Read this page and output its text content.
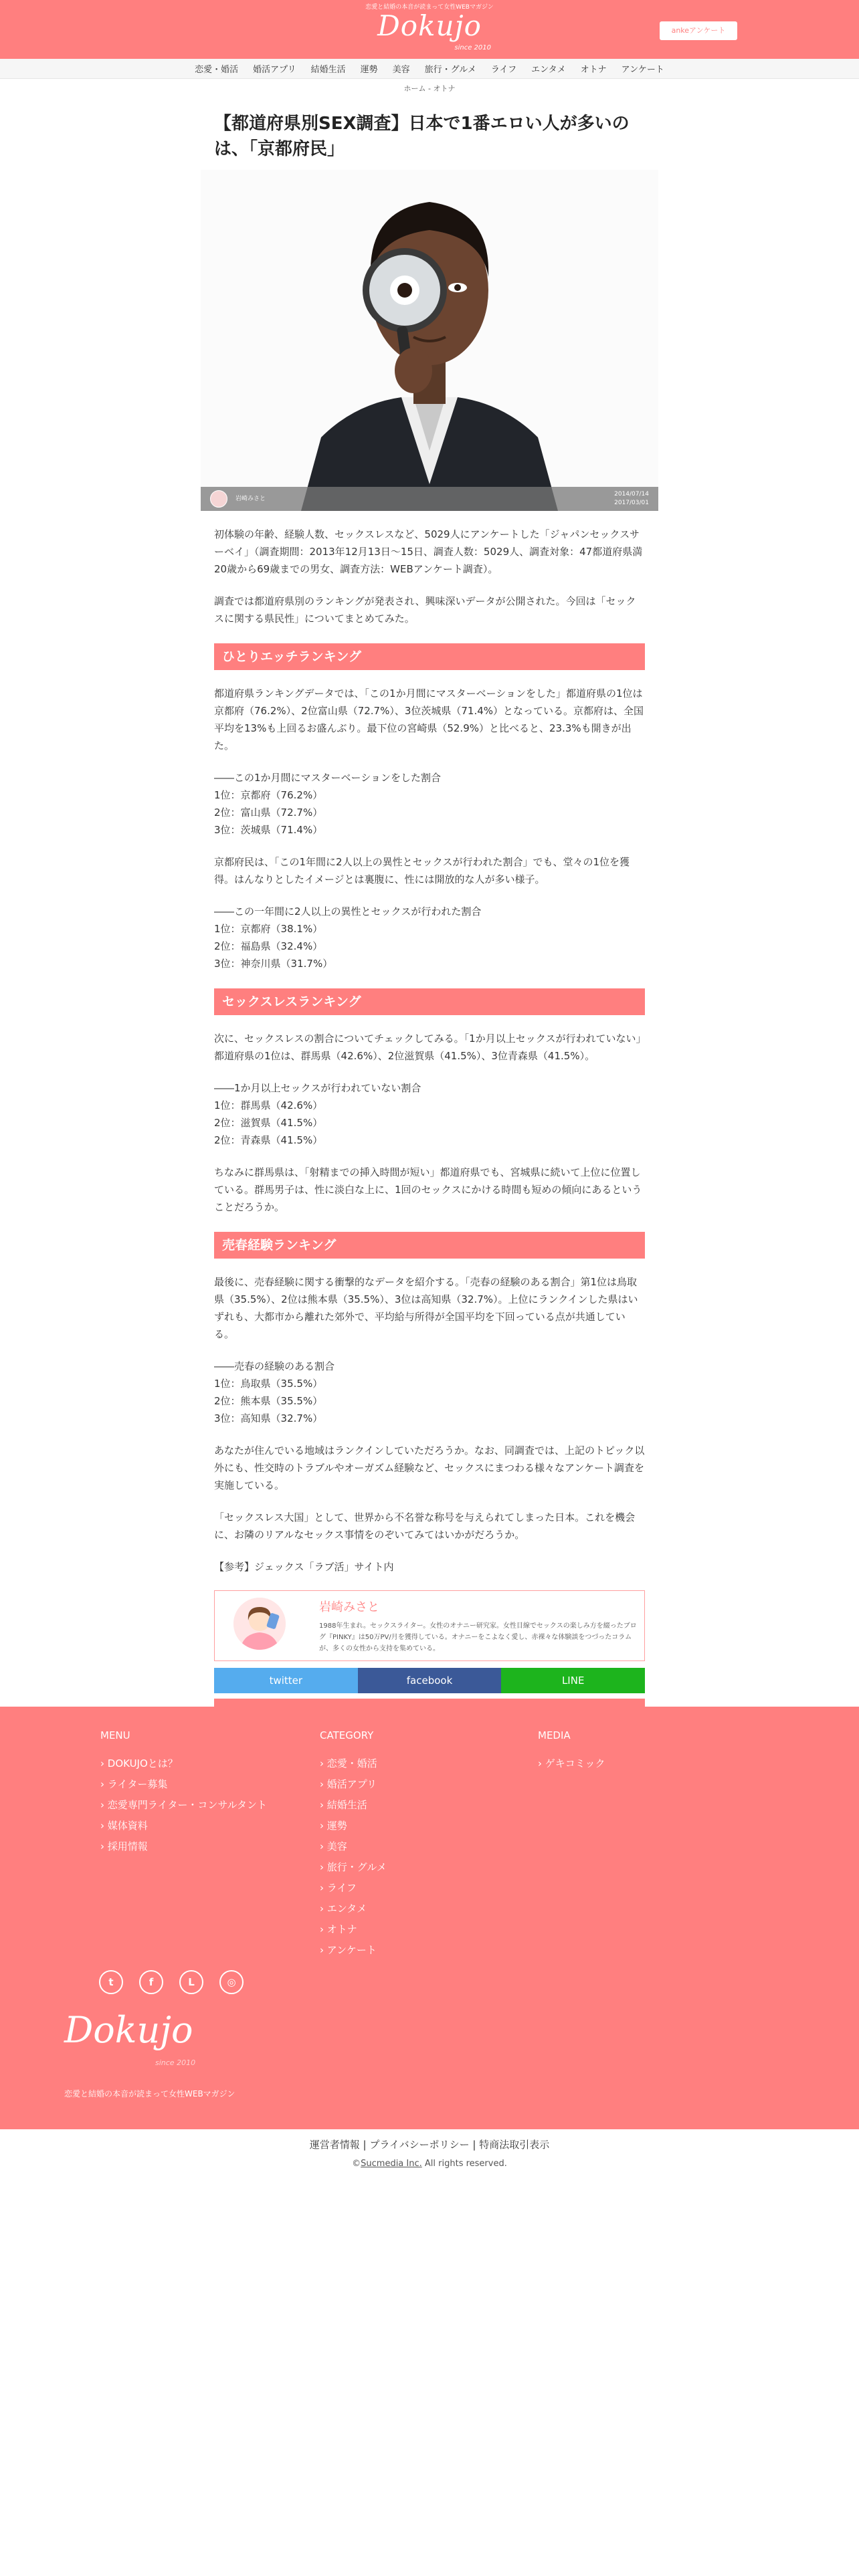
恋愛と結婚の本音が読まって女性WEBマガジン
Dokujo
since 2010
ankeアンケート
恋愛・婚活	婚活アプリ	結婚生活	運勢	美容	旅行・グルメ	ライフ	エンタメ	オトナ	アンケート
ホーム - オトナ
【都道府県別SEX調査】日本で1番エロい人が多いのは、「京都府民」
岩崎みさと
2014/07/14
2017/03/01

初体験の年齢、経験人数、セックスレスなど、5029人にアンケートした「ジャパンセックスサーベイ」（調査期間：2013年12月13日〜15日、調査人数：5029人、調査対象：47都道府県満20歳から69歳までの男女、調査方法：WEBアンケート調査）。

調査では都道府県別のランキングが発表され、興味深いデータが公開された。今回は「セックスに関する県民性」についてまとめてみた。

ひとりエッチランキング

都道府県ランキングデータでは、「この1か月間にマスターベーションをした」都道府県の1位は京都府（76.2%）、2位富山県（72.7%）、3位茨城県（71.4%）となっている。京都府は、全国平均を13%も上回るお盛んぶり。最下位の宮崎県（52.9%）と比べると、23.3%も開きが出た。

――この1か月間にマスターベーションをした割合
1位：京都府（76.2%）
2位：富山県（72.7%）
3位：茨城県（71.4%）

京都府民は、「この1年間に2人以上の異性とセックスが行われた割合」でも、堂々の1位を獲得。はんなりとしたイメージとは裏腹に、性には開放的な人が多い様子。

――この一年間に2人以上の異性とセックスが行われた割合
1位：京都府（38.1%）
2位：福島県（32.4%）
3位：神奈川県（31.7%）
セックスレスランキング

次に、セックスレスの割合についてチェックしてみる。「1か月以上セックスが行われていない」都道府県の1位は、群馬県（42.6%）、2位滋賀県（41.5%）、3位青森県（41.5%）。

――1か月以上セックスが行われていない割合
1位：群馬県（42.6%）
2位：滋賀県（41.5%）
2位：青森県（41.5%）

ちなみに群馬県は、「射精までの挿入時間が短い」都道府県でも、宮城県に続いて上位に位置している。群馬男子は、性に淡白な上に、1回のセックスにかける時間も短めの傾向にあるということだろうか。

売春経験ランキング

最後に、売春経験に関する衝撃的なデータを紹介する。「売春の経験のある割合」第1位は鳥取県（35.5%）、2位は熊本県（35.5%）、3位は高知県（32.7%）。上位にランクインした県はいずれも、大都市から離れた郊外で、平均給与所得が全国平均を下回っている点が共通している。

――売春の経験のある割合
1位：鳥取県（35.5%）
2位：熊本県（35.5%）
3位：高知県（32.7%）

あなたが住んでいる地域はランクインしていただろうか。なお、同調査では、上記のトピック以外にも、性交時のトラブルやオーガズム経験など、セックスにまつわる様々なアンケート調査を実施している。

「セックスレス大国」として、世界から不名誉な称号を与えられてしまった日本。これを機会に、お隣のリアルなセックス事情をのぞいてみてはいかがだろうか。

【参考】ジェックス「ラブ活」サイト内

岩崎みさと
1988年生まれ。セックスライター。女性のオナニー研究家。女性目線でセックスの楽しみ方を綴ったブログ『PINKY』は50万PV/月を獲得している。オナニーをこよなく愛し、赤裸々な体験談をつづったコラムが、多くの女性から支持を集めている。
twitter	facebook	LINE
MENU
› DOKUJOとは？
› ライター募集
› 恋愛専門ライター・コンサルタント
› 媒体資料
› 採用情報
CATEGORY
› 恋愛・婚活
› 婚活アプリ
› 結婚生活
› 運勢
› 美容
› 旅行・グルメ
› ライフ
› エンタメ
› オトナ
› アンケート
MEDIA
› ゲキコミック
t	f	L	◎
Dokujo
since 2010
恋愛と結婚の本音が読まって女性WEBマガジン
運営者情報 | プライバシーポリシー | 特商法取引表示
©Sucmedia Inc. All rights reserved.
